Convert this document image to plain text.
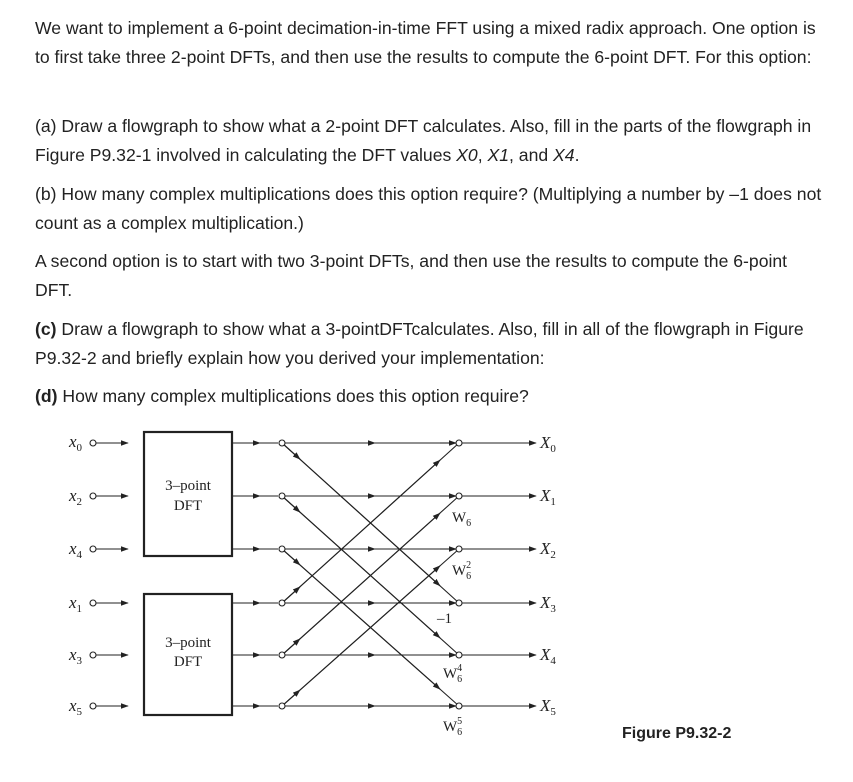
We want to implement a 6-point decimation-in-time FFT using a mixed radix approach. One option is to first take three 2-point DFTs, and then use the results to compute the 6-point DFT. For this option:

(a) Draw a flowgraph to show what a 2-point DFT calculates. Also, fill in the parts of the flowgraph in Figure P9.32-1 involved in calculating the DFT values X0, X1, and X4.

(b) How many complex multiplications does this option require? (Multiplying a number by –1 does not count as a complex multiplication.)

A second option is to start with two 3-point DFTs, and then use the results to compute the 6-point DFT.

(c) Draw a flowgraph to show what a 3-pointDFTcalculates. Also, fill in all of the flowgraph in Figure P9.32-2 and briefly explain how you derived your implementation:

(d) How many complex multiplications does this option require?

$x_0$
$x_2$
$x_4$
$x_1$
$x_3$
$x_5$
3–point
DFT
3–point
DFT
$W_6$
$W^2$ 6
–1
$W^4$ 6
$W^5$ 6
$X_0$
$X_1$
$X_2$
$X_3$
$X_4$
$X_5$
Figure P9.32-2
